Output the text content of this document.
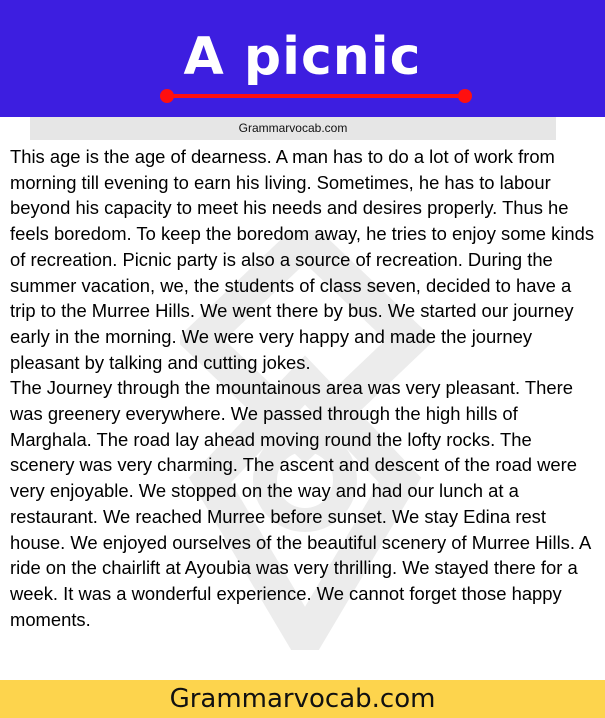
A picnic
Grammarvocab.com

This age is the age of dearness. A man has to do a lot of work from morning till evening to earn his living. Sometimes, he has to labour beyond his capacity to meet his needs and desires properly. Thus he feels boredom. To keep the boredom away, he tries to enjoy some kinds of recreation. Picnic party is also a source of recreation. During the summer vacation, we, the students of class seven, decided to have a trip to the Murree Hills. We went there by bus. We started our journey early in the morning. We were very happy and made the journey pleasant by talking and cutting jokes.

The Journey through the mountainous area was very pleasant. There was greenery everywhere. We passed through the high hills of Marghala. The road lay ahead moving round the lofty rocks. The scenery was very charming. The ascent and descent of the road were very enjoyable. We stopped on the way and had our lunch at a restaurant. We reached Murree before sunset. We stay Edina rest house. We enjoyed ourselves of the beautiful scenery of Murree Hills. A ride on the chairlift at Ayoubia was very thrilling. We stayed there for a week. It was a wonderful experience. We cannot forget those happy moments.

Grammarvocab.com
